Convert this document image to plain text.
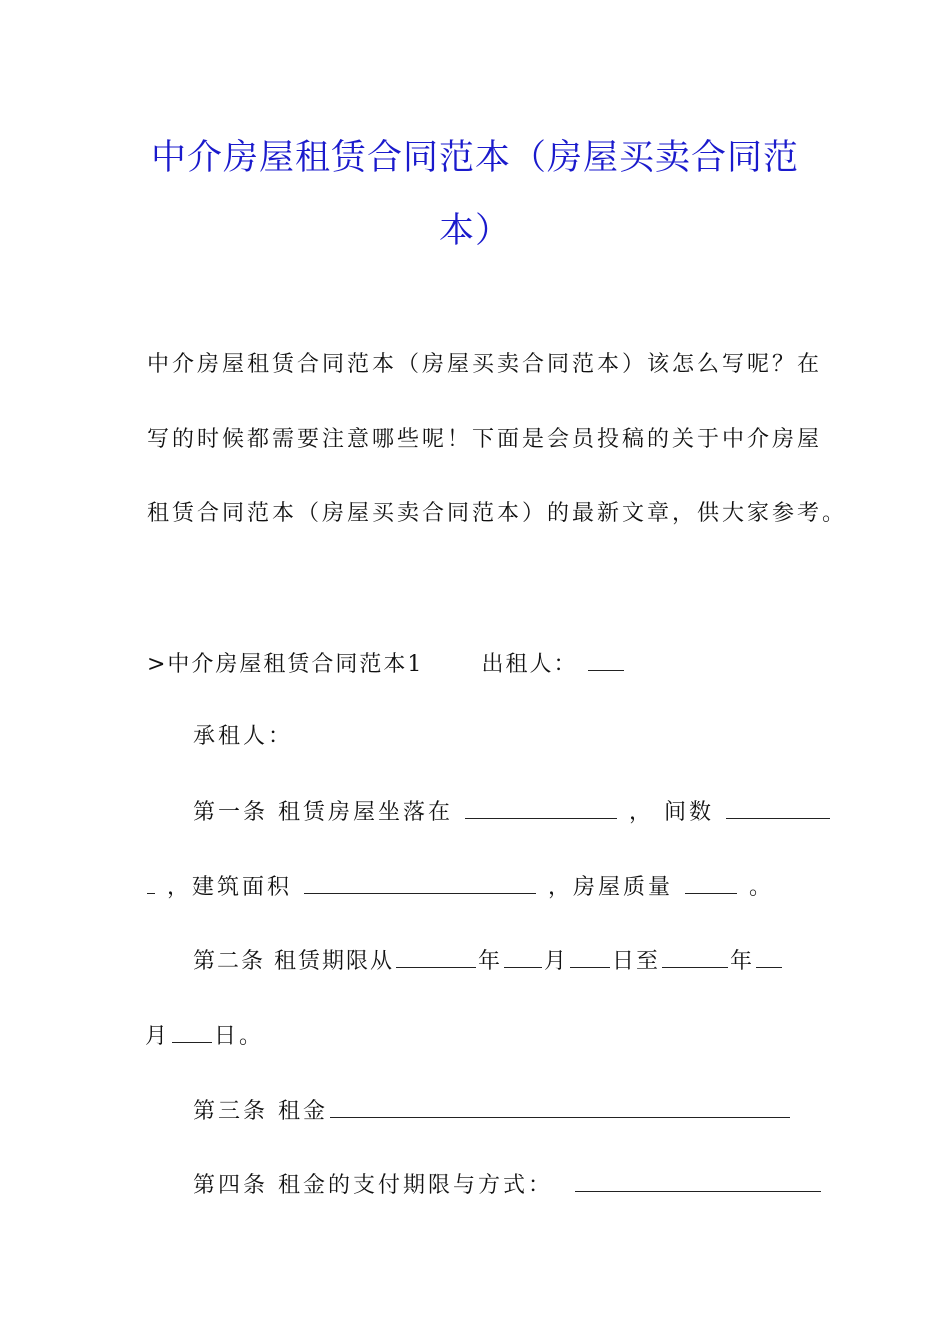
中介房屋租赁合同范本（房屋买卖合同范
本）
中介房屋租赁合同范本（房屋买卖合同范本）该怎么写呢？在
写的时候都需要注意哪些呢！下面是会员投稿的关于中介房屋
租赁合同范本（房屋买卖合同范本）的最新文章，供大家参考。
>中介房屋租赁合同范本1	出租人：
承租人：
第一条 租赁房屋坐落在	， 间数
，建筑面积	，房屋质量	。
第二条 租赁期限从	年 月 日至	年
月 日。
第三条 租金
第四条 租金的支付期限与方式：
